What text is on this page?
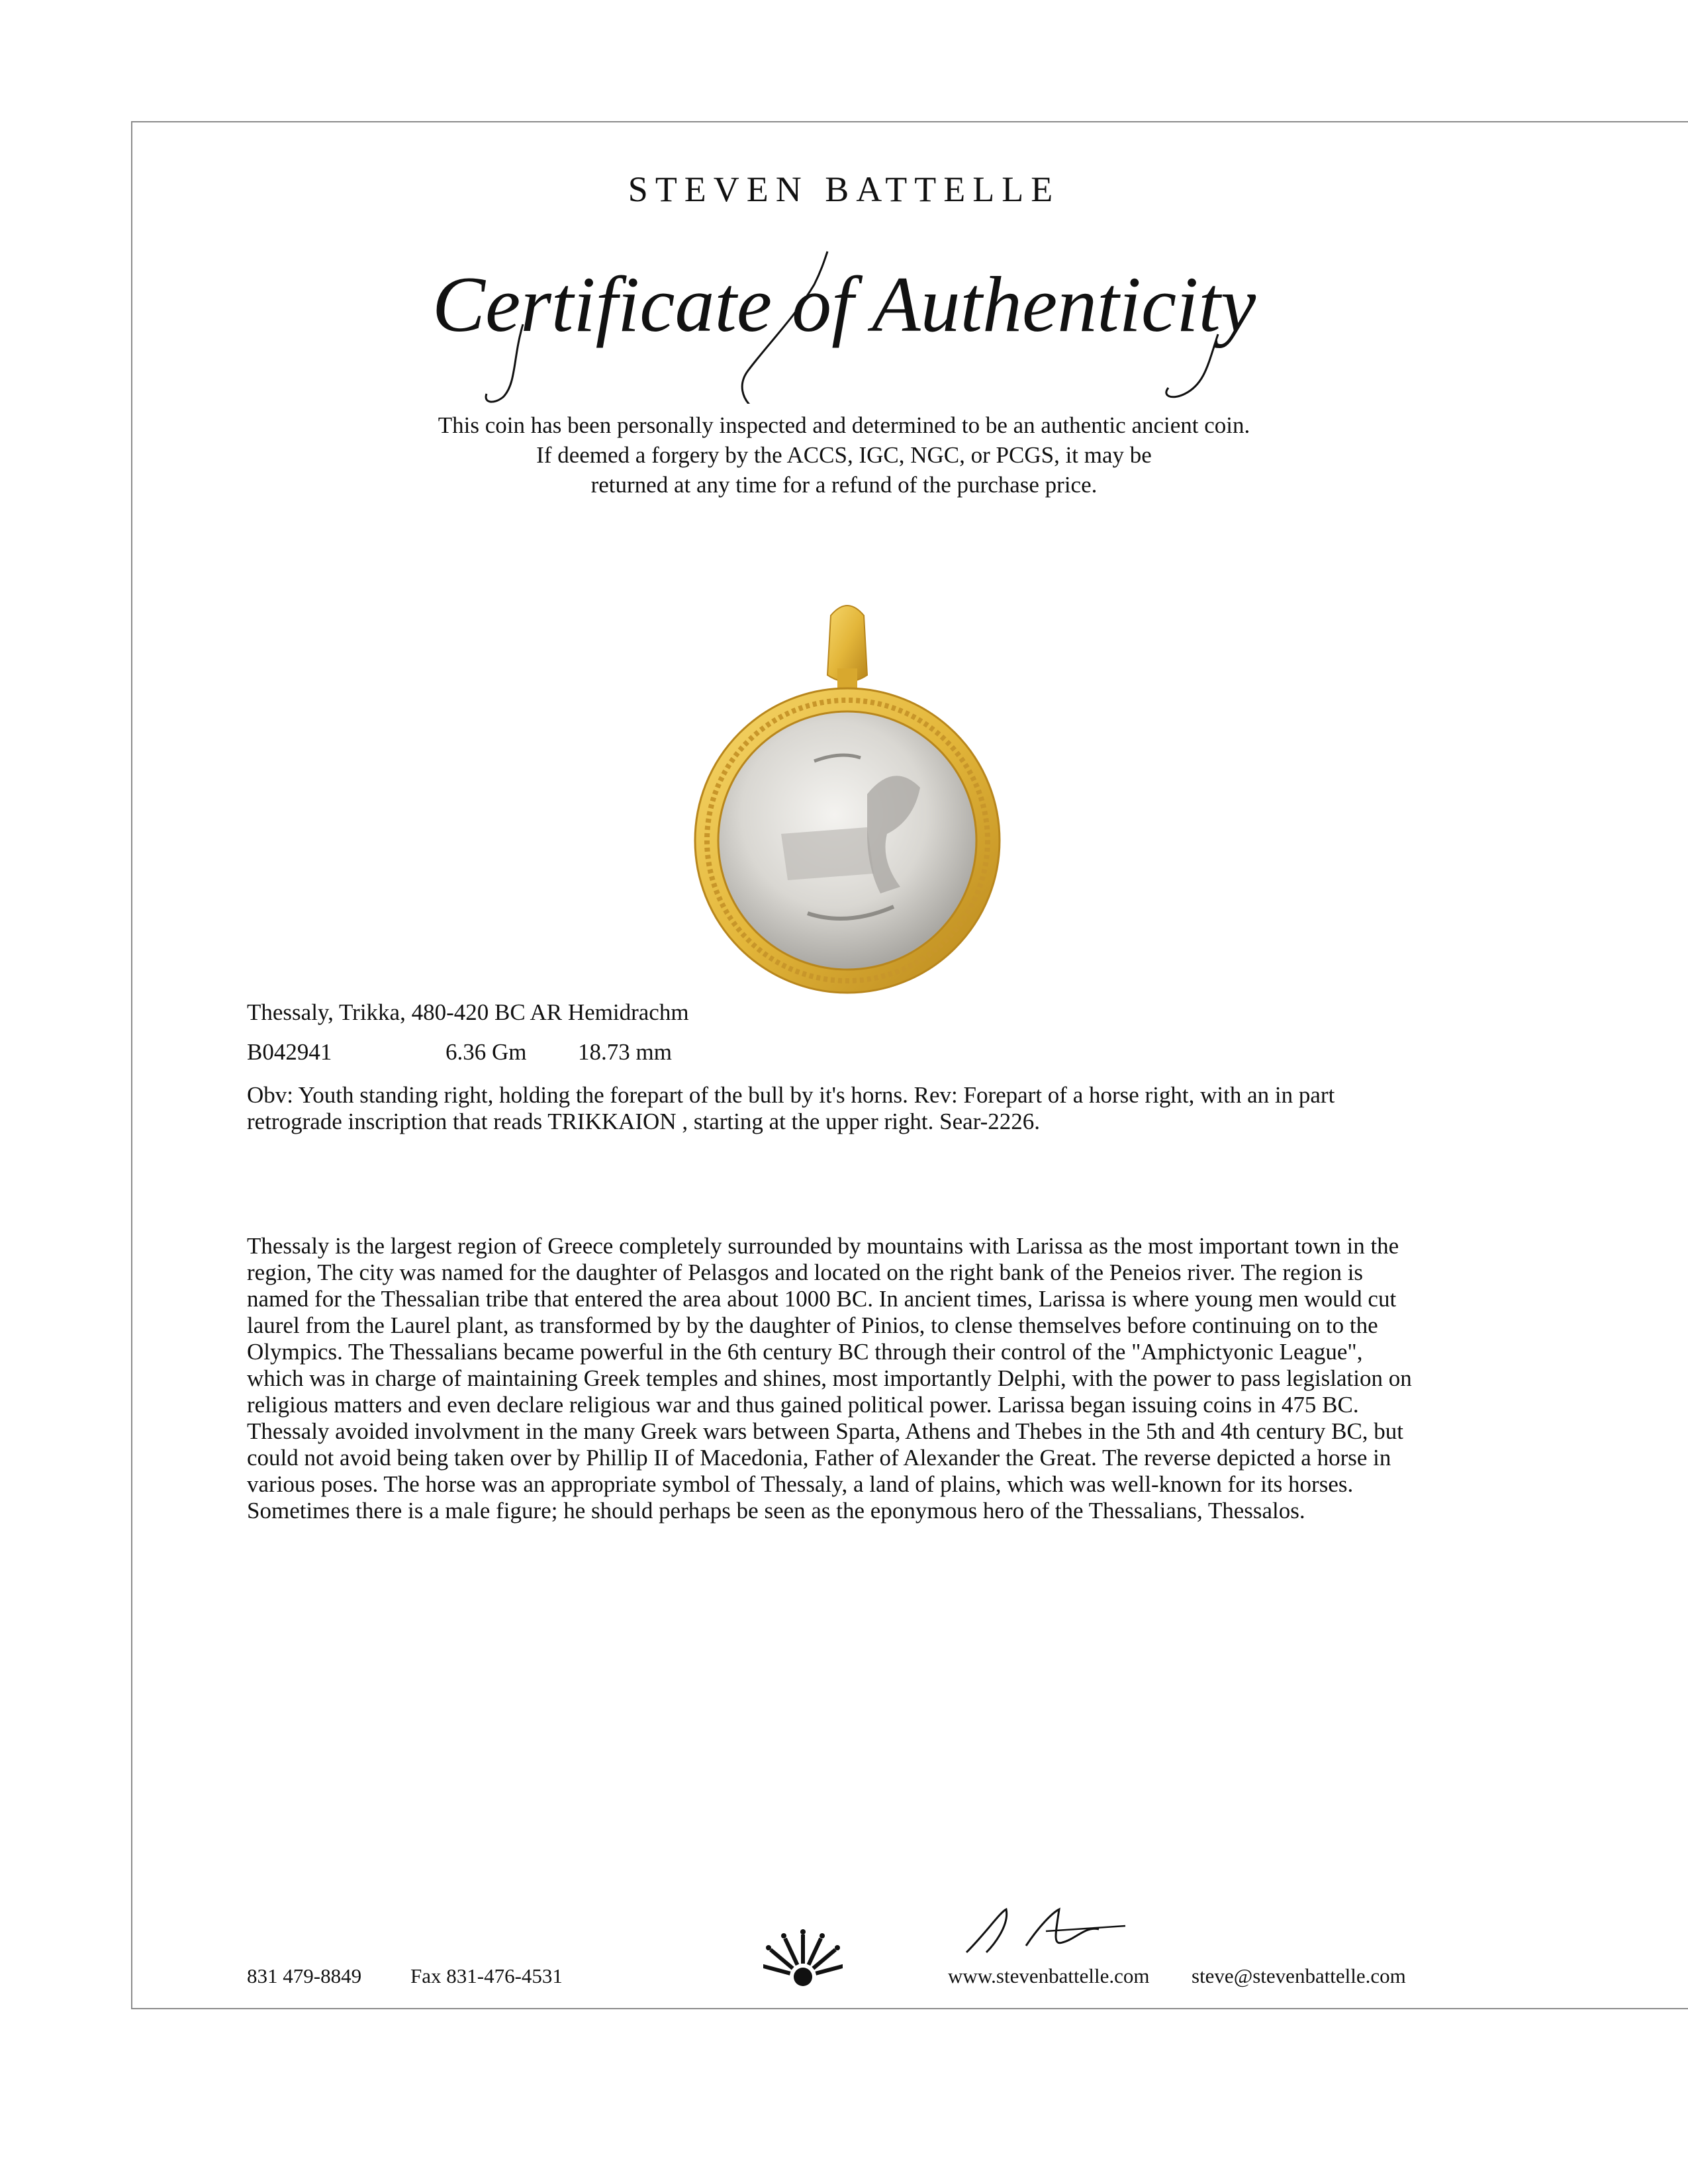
STEVEN BATTELLE
Certificate of Authenticity
This coin has been personally inspected and determined to be an authentic ancient coin.
If deemed a forgery by the ACCS, IGC, NGC, or PCGS, it may be
returned at any time for a refund of the purchase price.
Thessaly, Trikka, 480-420 BC AR Hemidrachm
B042941	6.36 Gm 18.73 mm
Obv: Youth standing right, holding the forepart of the bull by it's horns. Rev: Forepart of a horse right, with an in part retrograde inscription that reads TRIKKAION , starting at the upper right. Sear-2226.
Thessaly is the largest region of Greece completely surrounded by mountains with Larissa as the most important town in the region, The city was named for the daughter of Pelasgos and located on the right bank of the Peneios river. The region is named for the Thessalian tribe that entered the area about 1000 BC. In ancient times, Larissa is where young men would cut laurel from the Laurel plant, as transformed by by the daughter of Pinios, to clense themselves before continuing on to the Olympics. The Thessalians became powerful in the 6th century BC through their control of the "Amphictyonic League", which was in charge of maintaining Greek temples and shines, most importantly Delphi, with the power to pass legislation on religious matters and even declare religious war and thus gained political power. Larissa began issuing coins in 475 BC. Thessaly avoided involvment in the many Greek wars between Sparta, Athens and Thebes in the 5th and 4th century BC, but could not avoid being taken over by Phillip II of Macedonia, Father of Alexander the Great. The reverse depicted a horse in various poses. The horse was an appropriate symbol of Thessaly, a land of plains, which was well-known for its horses. Sometimes there is a male figure; he should perhaps be seen as the eponymous hero of the Thessalians, Thessalos.
831 479-8849 Fax 831-476-4531	www.stevenbattelle.com steve@stevenbattelle.com
